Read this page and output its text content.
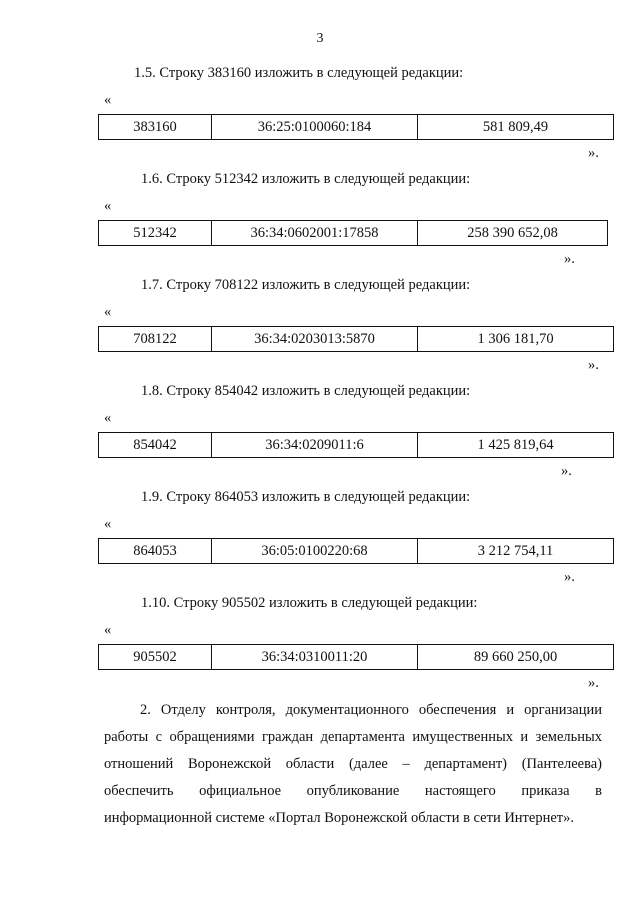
3
1.5. Строку 383160 изложить в следующей редакции:
«
383160	36:25:0100060:184	581 809,49
».
1.6. Строку 512342 изложить в следующей редакции:
«
512342	36:34:0602001:17858	258 390 652,08
».
1.7. Строку 708122 изложить в следующей редакции:
«
708122	36:34:0203013:5870	1 306 181,70
».
1.8. Строку 854042 изложить в следующей редакции:
«
854042	36:34:0209011:6	1 425 819,64
».
1.9. Строку 864053 изложить в следующей редакции:
«
864053	36:05:0100220:68	3 212 754,11
».
1.10. Строку 905502 изложить в следующей редакции:
«
905502	36:34:0310011:20	89 660 250,00
».
2. Отделу контроля, документационного обеспечения и организации
работы с обращениями граждан департамента имущественных и земельных
отношений Воронежской области (далее – департамент) (Пантелеева)
обеспечить официальное опубликование настоящего приказа в
информационной системе «Портал Воронежской области в сети Интернет».
